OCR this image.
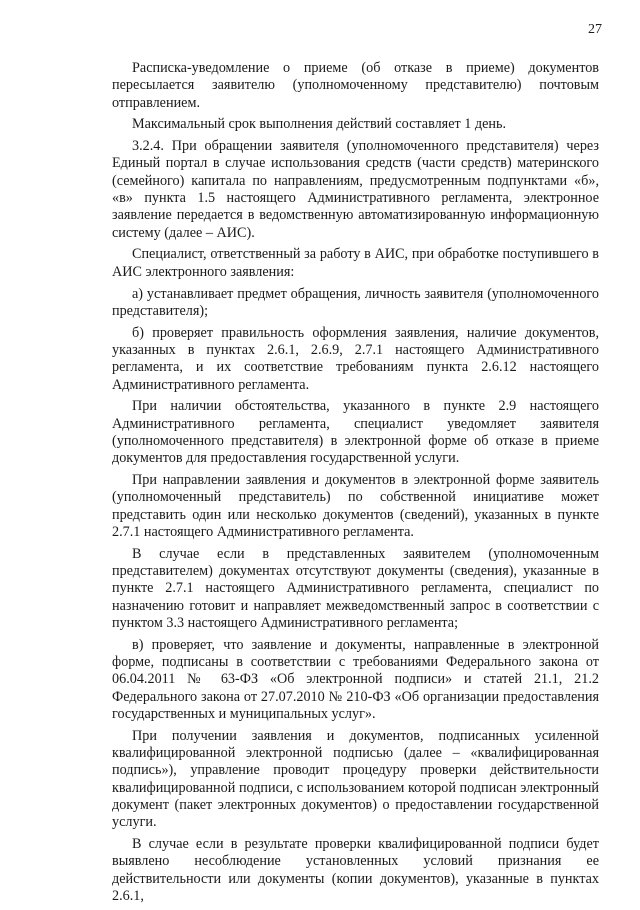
27

Расписка-уведомление о приеме (об отказе в приеме) документов пересылается заявителю (уполномоченному представителю) почтовым отправлением.

Максимальный срок выполнения действий составляет 1 день.

3.2.4. При обращении заявителя (уполномоченного представителя) через Единый портал в случае использования средств (части средств) материнского (семейного) капитала по направлениям, предусмотренным подпунктами «б», «в» пункта 1.5 настоящего Административного регламента, электронное заявление передается в ведомственную автоматизированную информационную систему (далее – АИС).

Специалист, ответственный за работу в АИС, при обработке поступившего в АИС электронного заявления:

а) устанавливает предмет обращения, личность заявителя (уполномоченного представителя);

б) проверяет правильность оформления заявления, наличие документов, указанных в пунктах 2.6.1, 2.6.9, 2.7.1 настоящего Административного регламента, и их соответствие требованиям пункта 2.6.12 настоящего Административного регламента.

При наличии обстоятельства, указанного в пункте 2.9 настоящего Административного регламента, специалист уведомляет заявителя (уполномоченного представителя) в электронной форме об отказе в приеме документов для предоставления государственной услуги.

При направлении заявления и документов в электронной форме заявитель (уполномоченный представитель) по собственной инициативе может представить один или несколько документов (сведений), указанных в пункте 2.7.1 настоящего Административного регламента.

В случае если в представленных заявителем (уполномоченным представителем) документах отсутствуют документы (сведения), указанные в пункте 2.7.1 настоящего Административного регламента, специалист по назначению готовит и направляет межведомственный запрос в соответствии с пунктом 3.3 настоящего Административного регламента;

в) проверяет, что заявление и документы, направленные в электронной форме, подписаны в соответствии с требованиями Федерального закона от 06.04.2011 № 63-ФЗ «Об электронной подписи» и статей 21.1, 21.2 Федерального закона от 27.07.2010 № 210-ФЗ «Об организации предоставления государственных и муниципальных услуг».

При получении заявления и документов, подписанных усиленной квалифицированной электронной подписью (далее – «квалифицированная подпись»), управление проводит процедуру проверки действительности квалифицированной подписи, с использованием которой подписан электронный документ (пакет электронных документов) о предоставлении государственной услуги.

В случае если в результате проверки квалифицированной подписи будет выявлено несоблюдение установленных условий признания ее действительности или документы (копии документов), указанные в пунктах 2.6.1,
